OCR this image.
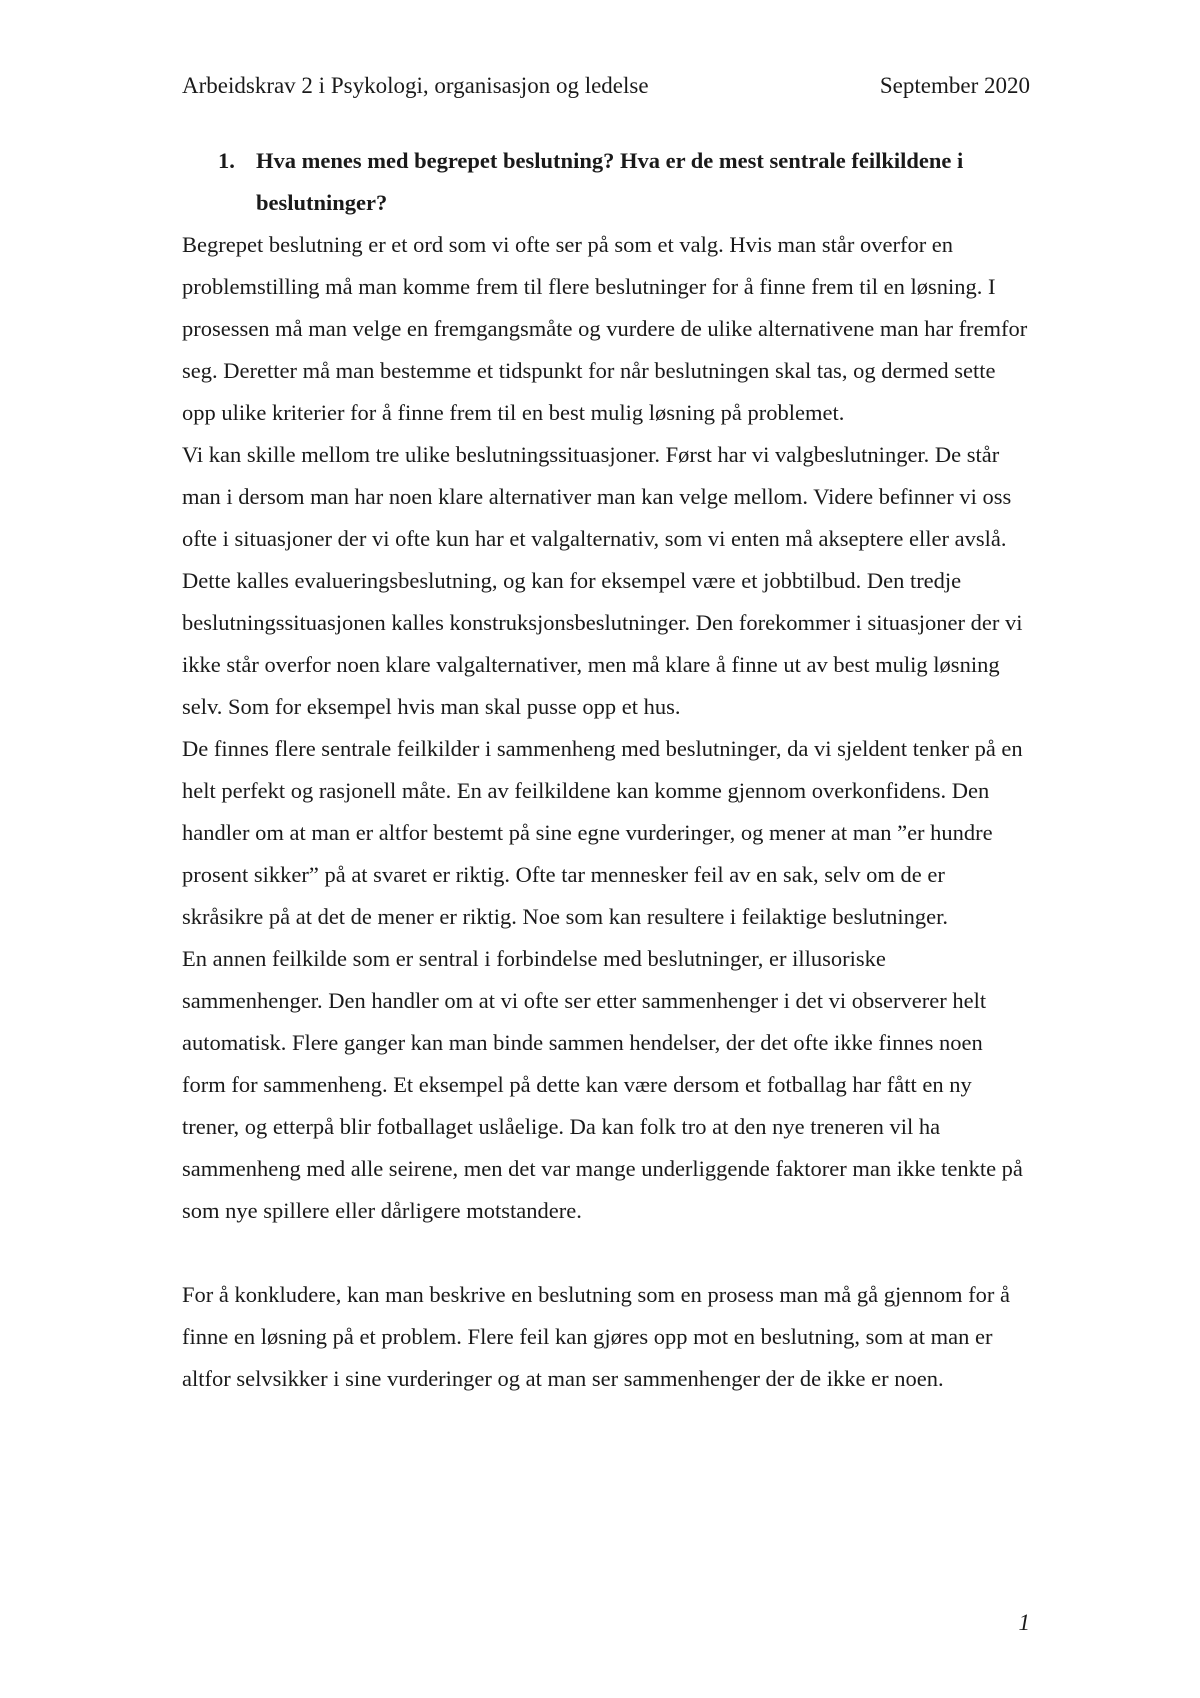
Arbeidskrav 2 i Psykologi, organisasjon og ledelse	September 2020
1. Hva menes med begrepet beslutning? Hva er de mest sentrale feilkildene i beslutninger?

Begrepet beslutning er et ord som vi ofte ser på som et valg. Hvis man står overfor en problemstilling må man komme frem til flere beslutninger for å finne frem til en løsning. I prosessen må man velge en fremgangsmåte og vurdere de ulike alternativene man har fremfor seg. Deretter må man bestemme et tidspunkt for når beslutningen skal tas, og dermed sette opp ulike kriterier for å finne frem til en best mulig løsning på problemet.

Vi kan skille mellom tre ulike beslutningssituasjoner. Først har vi valgbeslutninger. De står man i dersom man har noen klare alternativer man kan velge mellom. Videre befinner vi oss ofte i situasjoner der vi ofte kun har et valgalternativ, som vi enten må akseptere eller avslå. Dette kalles evalueringsbeslutning, og kan for eksempel være et jobbtilbud. Den tredje beslutningssituasjonen kalles konstruksjonsbeslutninger. Den forekommer i situasjoner der vi ikke står overfor noen klare valgalternativer, men må klare å finne ut av best mulig løsning selv. Som for eksempel hvis man skal pusse opp et hus.

De finnes flere sentrale feilkilder i sammenheng med beslutninger, da vi sjeldent tenker på en helt perfekt og rasjonell måte. En av feilkildene kan komme gjennom overkonfidens. Den handler om at man er altfor bestemt på sine egne vurderinger, og mener at man ”er hundre prosent sikker” på at svaret er riktig. Ofte tar mennesker feil av en sak, selv om de er skråsikre på at det de mener er riktig. Noe som kan resultere i feilaktige beslutninger.

En annen feilkilde som er sentral i forbindelse med beslutninger, er illusoriske sammenhenger. Den handler om at vi ofte ser etter sammenhenger i det vi observerer helt automatisk. Flere ganger kan man binde sammen hendelser, der det ofte ikke finnes noen form for sammenheng. Et eksempel på dette kan være dersom et fotballag har fått en ny trener, og etterpå blir fotballaget uslåelige. Da kan folk tro at den nye treneren vil ha sammenheng med alle seirene, men det var mange underliggende faktorer man ikke tenkte på som nye spillere eller dårligere motstandere.

For å konkludere, kan man beskrive en beslutning som en prosess man må gå gjennom for å finne en løsning på et problem. Flere feil kan gjøres opp mot en beslutning, som at man er altfor selvsikker i sine vurderinger og at man ser sammenhenger der de ikke er noen.

1
